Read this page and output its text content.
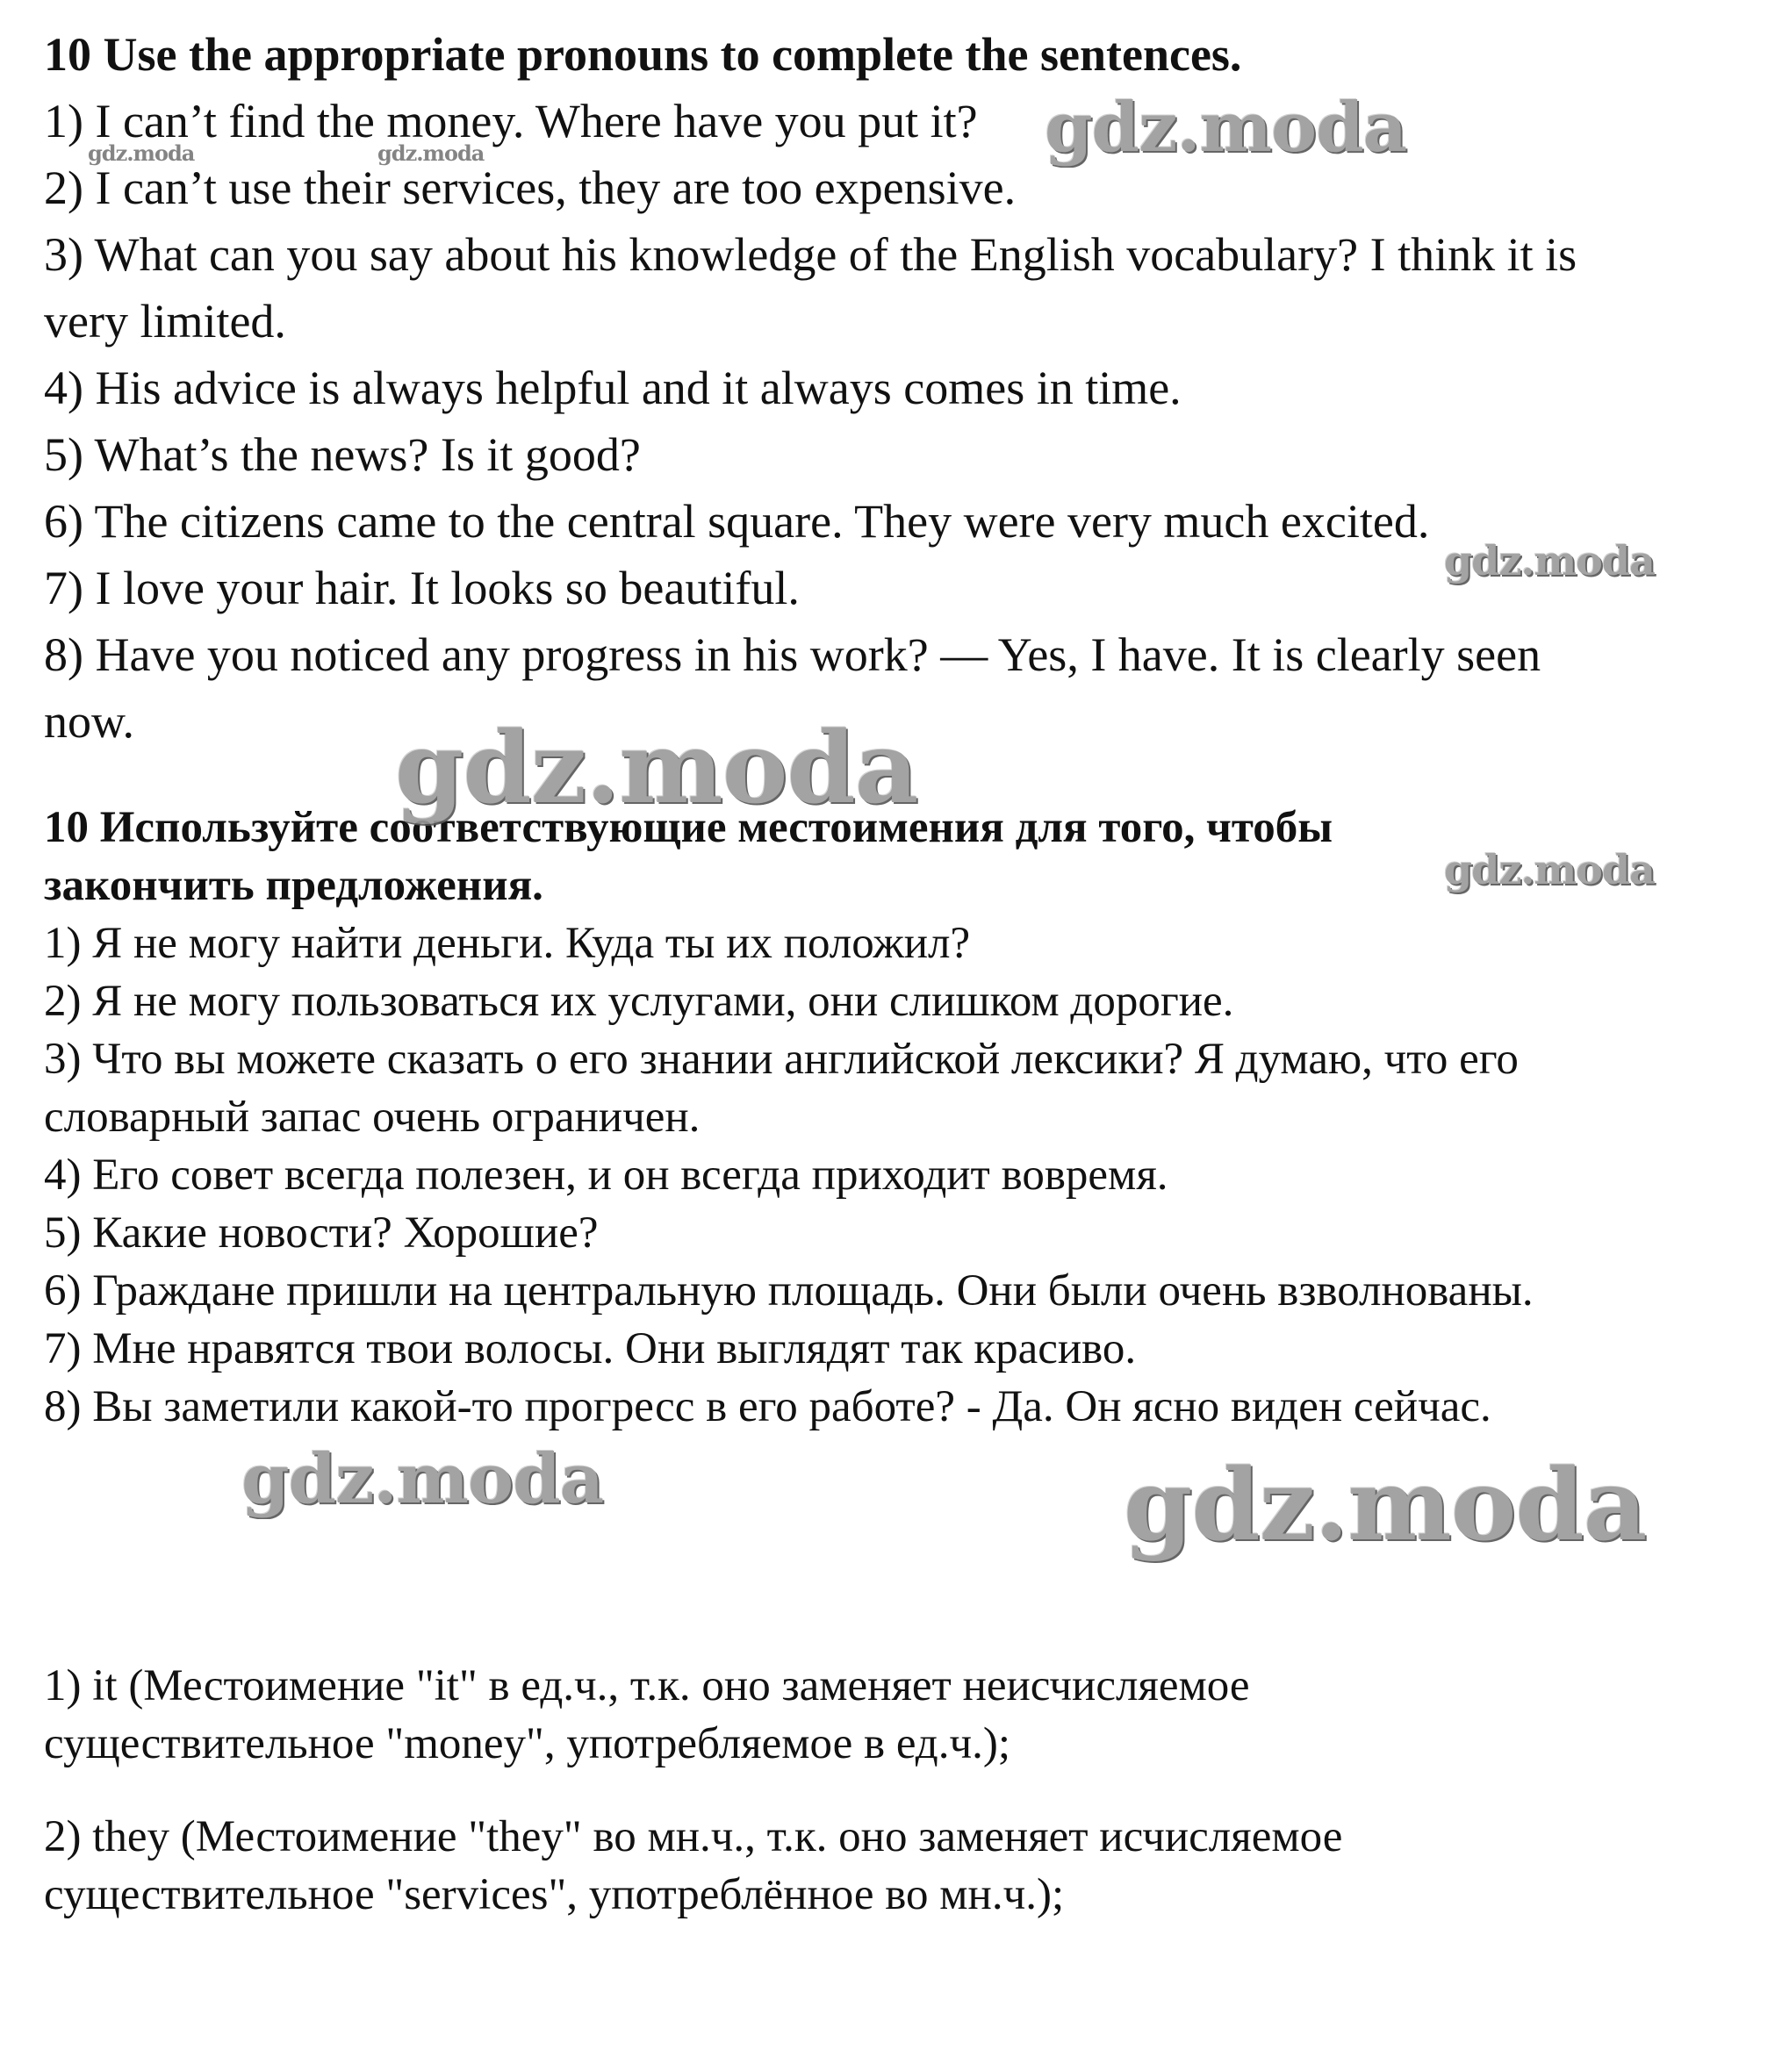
10 Use the appropriate pronouns to complete the sentences.
1) I can’t find the money. Where have you put it?
2) I can’t use their services, they are too expensive.
3) What can you say about his knowledge of the English vocabulary? I think it is
very limited.
4) His advice is always helpful and it always comes in time.
5) What’s the news? Is it good?
6) The citizens came to the central square. They were very much excited.
7) I love your hair. It looks so beautiful.
8) Have you noticed any progress in his work? — Yes, I have. It is clearly seen
now.
10 Используйте соответствующие местоимения для того, чтобы
закончить предложения.
1) Я не могу найти деньги. Куда ты их положил?
2) Я не могу пользоваться их услугами, они слишком дорогие.
3) Что вы можете сказать о его знании английской лексики? Я думаю, что его
словарный запас очень ограничен.
4) Его совет всегда полезен, и он всегда приходит вовремя.
5) Какие новости? Хорошие?
6) Граждане пришли на центральную площадь. Они были очень взволнованы.
7) Мне нравятся твои волосы. Они выглядят так красиво.
8) Вы заметили какой-то прогресс в его работе? - Да. Он ясно виден сейчас.
1) it (Местоимение "it" в ед.ч., т.к. оно заменяет неисчисляемое
существительное "money", употребляемое в ед.ч.);
2) they (Местоимение "they" во мн.ч., т.к. оно заменяет исчисляемое
существительное "services", употреблённое во мн.ч.);
gdz.moda
gdz.moda	gdz.moda
gdz.moda
gdz.moda
gdz.moda
gdz.moda	gdz.moda
